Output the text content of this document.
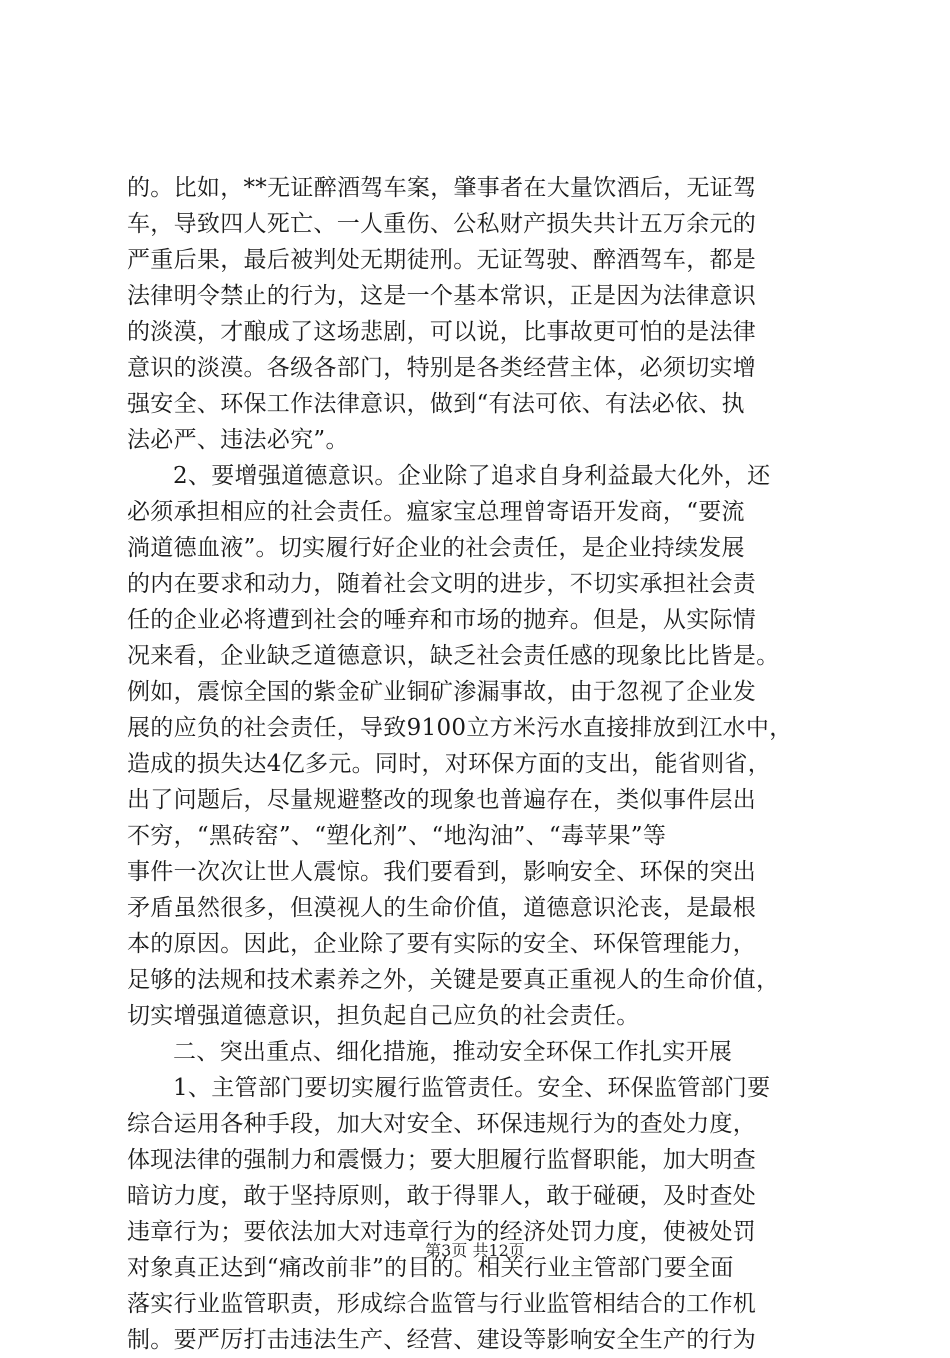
的。比如，**无证醉酒驾车案，肇事者在大量饮酒后，无证驾
车，导致四人死亡、一人重伤、公私财产损失共计五万余元的
严重后果，最后被判处无期徒刑。无证驾驶、醉酒驾车，都是
法律明令禁止的行为，这是一个基本常识，正是因为法律意识
的淡漠，才酿成了这场悲剧，可以说，比事故更可怕的是法律
意识的淡漠。各级各部门，特别是各类经营主体，必须切实增
强安全、环保工作法律意识，做到“有法可依、有法必依、执
法必严、违法必究”。
2、要增强道德意识。企业除了追求自身利益最大化外，还
必须承担相应的社会责任。瘟家宝总理曾寄语开发商，“要流
淌道德血液”。切实履行好企业的社会责任，是企业持续发展
的内在要求和动力，随着社会文明的进步，不切实承担社会责
任的企业必将遭到社会的唾弃和市场的抛弃。但是，从实际情
况来看，企业缺乏道德意识，缺乏社会责任感的现象比比皆是。
例如，震惊全国的紫金矿业铜矿渗漏事故，由于忽视了企业发
展的应负的社会责任，导致9100立方米污水直接排放到江水中，
造成的损失达4亿多元。同时，对环保方面的支出，能省则省，
出了问题后，尽量规避整改的现象也普遍存在，类似事件层出
不穷，“黑砖窑”、“塑化剂”、“地沟油”、“毒苹果”等
事件一次次让世人震惊。我们要看到，影响安全、环保的突出
矛盾虽然很多，但漠视人的生命价值，道德意识沦丧，是最根
本的原因。因此，企业除了要有实际的安全、环保管理能力，
足够的法规和技术素养之外，关键是要真正重视人的生命价值，
切实增强道德意识，担负起自己应负的社会责任。
二、突出重点、细化措施，推动安全环保工作扎实开展
1、主管部门要切实履行监管责任。安全、环保监管部门要
综合运用各种手段，加大对安全、环保违规行为的查处力度，
体现法律的强制力和震慑力；要大胆履行监督职能，加大明查
暗访力度，敢于坚持原则，敢于得罪人，敢于碰硬，及时查处
违章行为；要依法加大对违章行为的经济处罚力度，使被处罚
对象真正达到“痛改前非”的目的。相关行业主管部门要全面
落实行业监管职责，形成综合监管与行业监管相结合的工作机
制。要严厉打击违法生产、经营、建设等影响安全生产的行为
第3页 共12页
